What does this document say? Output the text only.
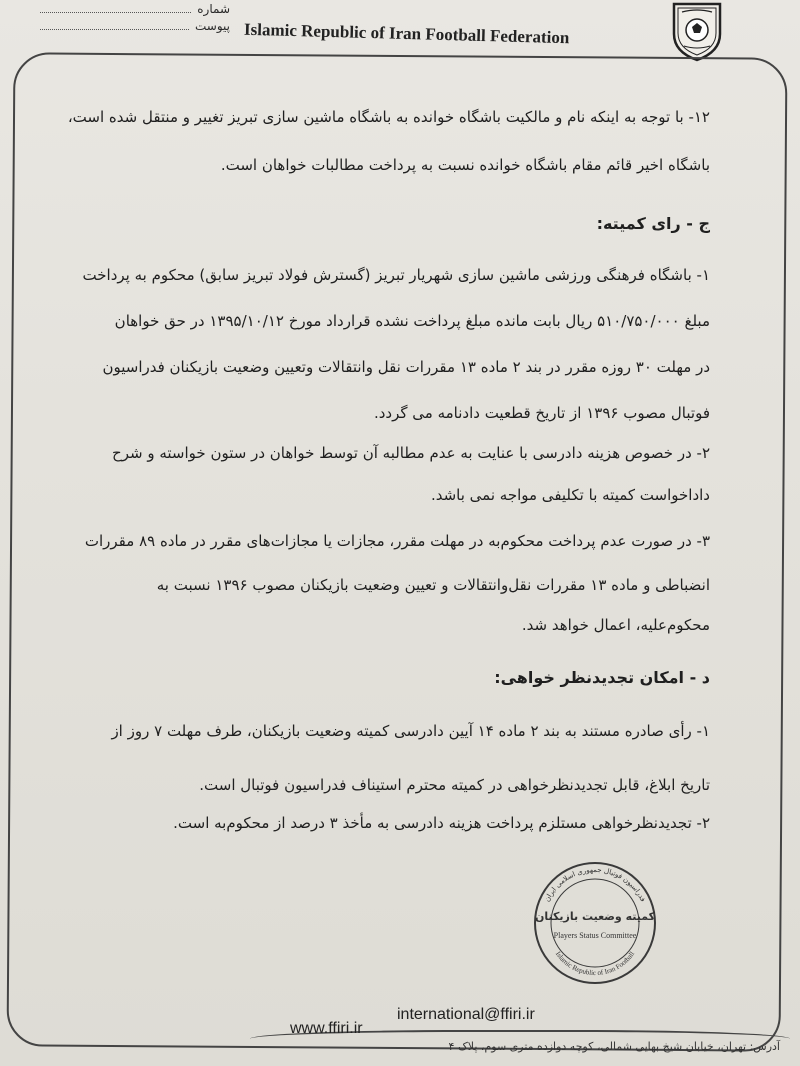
شماره
پیوست Islamic Republic of Iran Football Federation
۱۲- با توجه به اینکه نام و مالکیت باشگاه خوانده به باشگاه ماشین سازی تبریز تغییر و منتقل شده است،
باشگاه اخیر قائم مقام باشگاه خوانده نسبت به پرداخت مطالبات خواهان است.
ج - رای کمیته:
۱- باشگاه فرهنگی ورزشی ماشین سازی شهریار تبریز (گسترش فولاد تبریز سابق) محکوم به پرداخت
مبلغ ۵۱۰/۷۵۰/۰۰۰ ریال بابت مانده مبلغ پرداخت نشده قرارداد مورخ ۱۳۹۵/۱۰/۱۲ در حق خواهان
در مهلت ۳۰ روزه مقرر در بند ۲ ماده ۱۳ مقررات نقل وانتقالات وتعیین وضعیت بازیکنان فدراسیون
فوتبال مصوب ۱۳۹۶ از تاریخ قطعیت دادنامه می گردد.
۲- در خصوص هزینه دادرسی با عنایت به عدم مطالبه آن توسط خواهان در ستون خواسته و شرح
داداخواست کمیته با تکلیفی مواجه نمی باشد.
۳- در صورت عدم پرداخت محکوم‌به در مهلت مقرر، مجازات یا مجازات‌های مقرر در ماده ۸۹ مقررات
انضباطی و ماده ۱۳ مقررات نقل‌وانتقالات و تعیین وضعیت بازیکنان مصوب ۱۳۹۶ نسبت به
محکوم‌علیه، اعمال خواهد شد.
د - امکان تجدیدنظر خواهی:
۱- رأی صادره مستند به بند ۲ ماده ۱۴ آیین دادرسی کمیته وضعیت بازیکنان، طرف مهلت ۷ روز از
تاریخ ابلاغ، قابل تجدیدنظرخواهی در کمیته محترم استیناف فدراسیون فوتبال است.
۲- تجدیدنظرخواهی مستلزم پرداخت هزینه دادرسی به مأخذ ۳ درصد از محکوم‌به است.
کمیته وضعیت بازیکنان
Players Status Committee
فدراسیون فوتبال جمهوری اسلامی ایران
Islamic Republic of Iran Football
www.ffiri.ir
international@ffiri.ir
آدرس: تهران، خیابان شیخ بهایی شمالی، کوچه دوازده متری سوم، پلاک ۴
